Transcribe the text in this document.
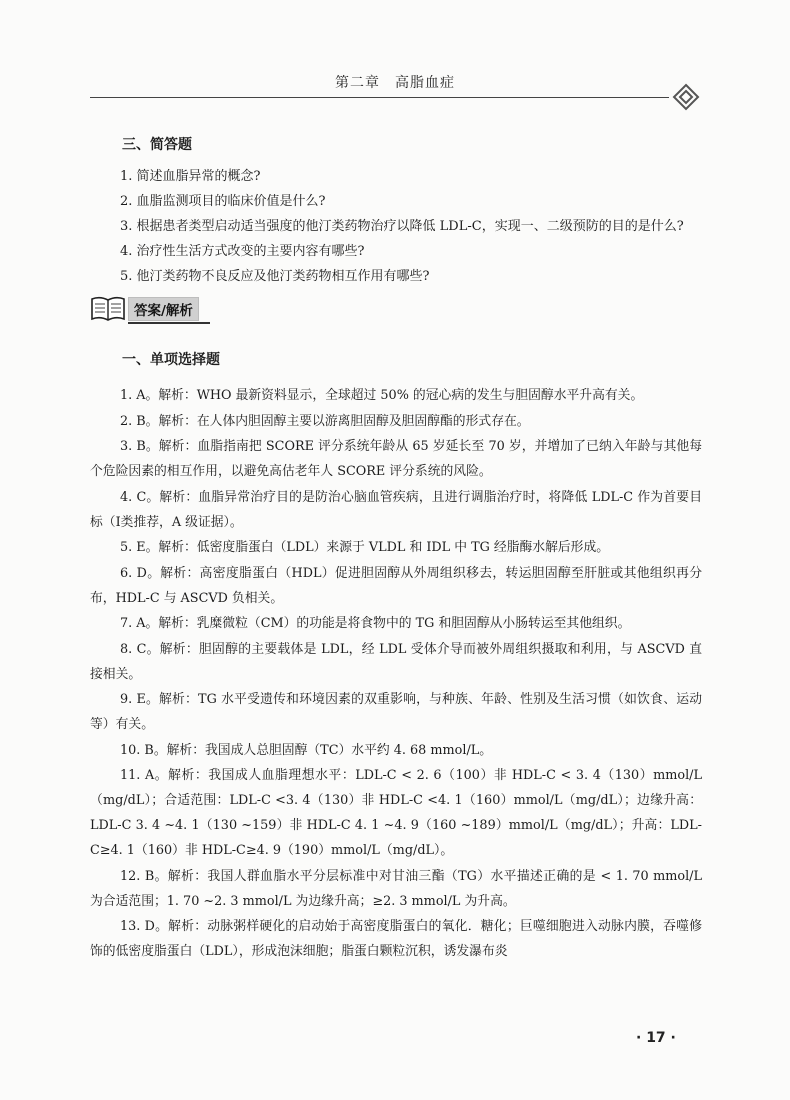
第二章　高脂血症
三、简答题

1. 简述血脂异常的概念?

2. 血脂监测项目的临床价值是什么?

3. 根据患者类型启动适当强度的他汀类药物治疗以降低 LDL-C，实现一、二级预防的目的是什么?

4. 治疗性生活方式改变的主要内容有哪些?

5. 他汀类药物不良反应及他汀类药物相互作用有哪些?

答案/解析
一、单项选择题

1. A。解析：WHO 最新资料显示，全球超过 50% 的冠心病的发生与胆固醇水平升高有关。

2. B。解析：在人体内胆固醇主要以游离胆固醇及胆固醇酯的形式存在。

3. B。解析：血脂指南把 SCORE 评分系统年龄从 65 岁延长至 70 岁，并增加了已纳入年龄与其他每个危险因素的相互作用，以避免高估老年人 SCORE 评分系统的风险。

4. C。解析：血脂异常治疗目的是防治心脑血管疾病，且进行调脂治疗时，将降低 LDL-C 作为首要目标（Ⅰ类推荐，A 级证据）。

5. E。解析：低密度脂蛋白（LDL）来源于 VLDL 和 IDL 中 TG 经脂酶水解后形成。

6. D。解析：高密度脂蛋白（HDL）促进胆固醇从外周组织移去，转运胆固醇至肝脏或其他组织再分布，HDL-C 与 ASCVD 负相关。

7. A。解析：乳糜微粒（CM）的功能是将食物中的 TG 和胆固醇从小肠转运至其他组织。

8. C。解析：胆固醇的主要载体是 LDL，经 LDL 受体介导而被外周组织摄取和利用，与 ASCVD 直接相关。

9. E。解析：TG 水平受遗传和环境因素的双重影响，与种族、年龄、性别及生活习惯（如饮食、运动等）有关。

10. B。解析：我国成人总胆固醇（TC）水平约 4. 68 mmol/L。

11. A。解析：我国成人血脂理想水平：LDL-C < 2. 6（100）非 HDL-C < 3. 4（130）mmol/L（mg/dL）；合适范围：LDL-C <3. 4（130）非 HDL-C <4. 1（160）mmol/L（mg/dL）；边缘升高：LDL-C 3. 4 ~4. 1（130 ~159）非 HDL-C 4. 1 ~4. 9（160 ~189）mmol/L（mg/dL）；升高：LDL-C≥4. 1（160）非 HDL-C≥4. 9（190）mmol/L（mg/dL）。

12. B。解析：我国人群血脂水平分层标准中对甘油三酯（TG）水平描述正确的是 < 1. 70 mmol/L 为合适范围；1. 70 ~2. 3 mmol/L 为边缘升高；≥2. 3 mmol/L 为升高。

13. D。解析：动脉粥样硬化的启动始于高密度脂蛋白的氧化．糖化；巨噬细胞进入动脉内膜，吞噬修饰的低密度脂蛋白（LDL），形成泡沫细胞；脂蛋白颗粒沉积，诱发瀑布炎

· 17 ·
